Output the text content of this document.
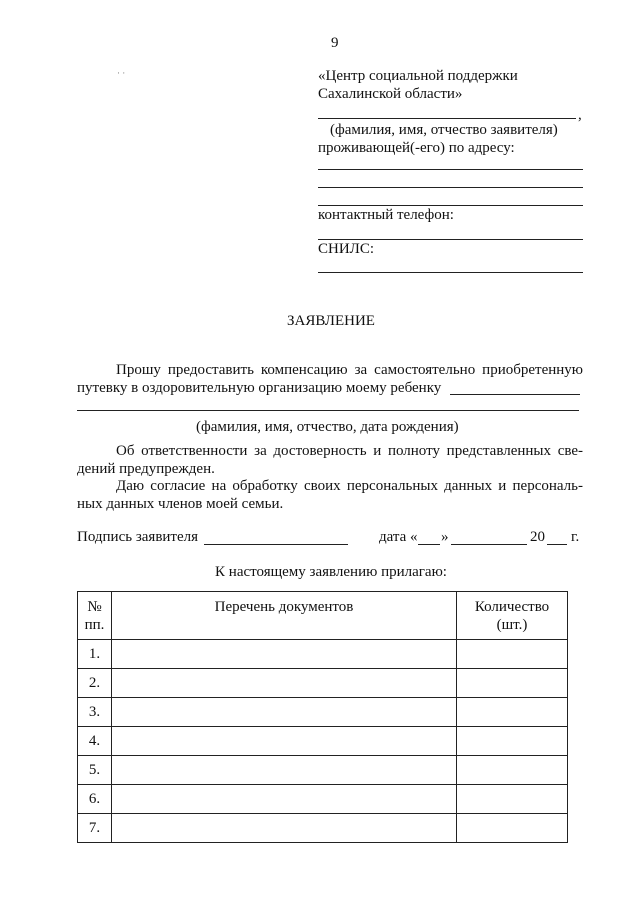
9
· ·	«Центр социальной поддержки
Сахалинской области»
,
(фамилия, имя, отчество заявителя)
проживающей(-его) по адресу:
контактный телефон:
СНИЛС:
ЗАЯВЛЕНИЕ
Прошу предоставить компенсацию за самостоятельно приобретенную
путевку в оздоровительную организацию моему ребенку
(фамилия, имя, отчество, дата рождения)
Об ответственности за достоверность и полноту представленных све-
дений предупрежден.
Даю согласие на обработку своих персональных данных и персональ-
ных данных членов моей семьи.
Подпись заявителя	дата « »	20 г.
К настоящему заявлению прилагаю:
№ пп.	Перечень документов	Количество (шт.)

1.		
2.		
3.		
4.		
5.		
6.		
7.		
